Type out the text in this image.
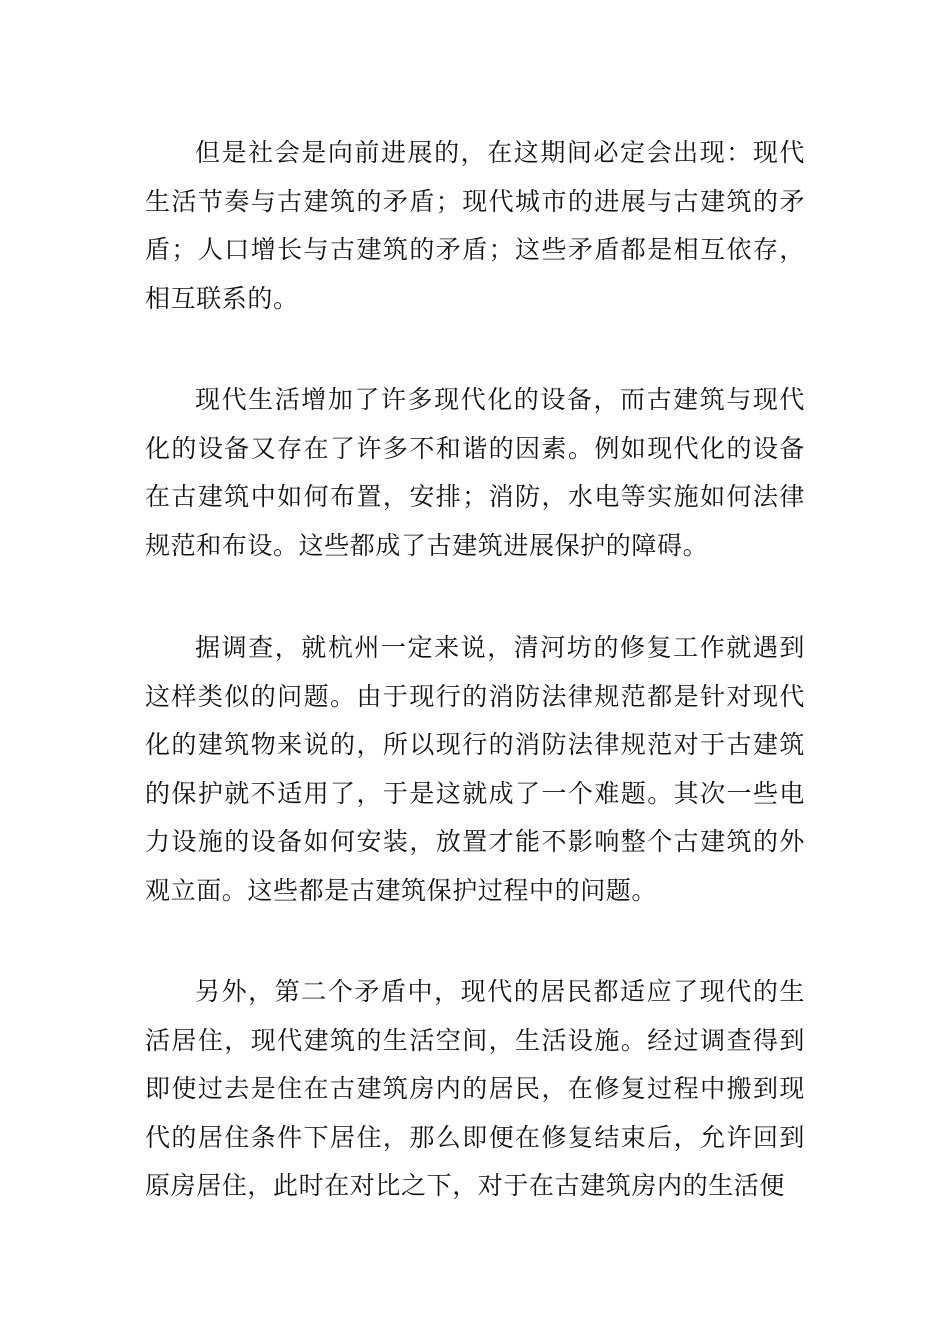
但是社会是向前进展的，在这期间必定会出现：现代生活节奏与古建筑的矛盾；现代城市的进展与古建筑的矛盾；人口增长与古建筑的矛盾；这些矛盾都是相互依存，相互联系的。

现代生活增加了许多现代化的设备，而古建筑与现代化的设备又存在了许多不和谐的因素。例如现代化的设备在古建筑中如何布置，安排；消防，水电等实施如何法律规范和布设。这些都成了古建筑进展保护的障碍。

据调查，就杭州一定来说，清河坊的修复工作就遇到这样类似的问题。由于现行的消防法律规范都是针对现代化的建筑物来说的，所以现行的消防法律规范对于古建筑的保护就不适用了，于是这就成了一个难题。其次一些电力设施的设备如何安装，放置才能不影响整个古建筑的外观立面。这些都是古建筑保护过程中的问题。

另外，第二个矛盾中，现代的居民都适应了现代的生活居住，现代建筑的生活空间，生活设施。经过调查得到即使过去是住在古建筑房内的居民，在修复过程中搬到现代的居住条件下居住，那么即便在修复结束后，允许回到原房居住，此时在对比之下，对于在古建筑房内的生活便
